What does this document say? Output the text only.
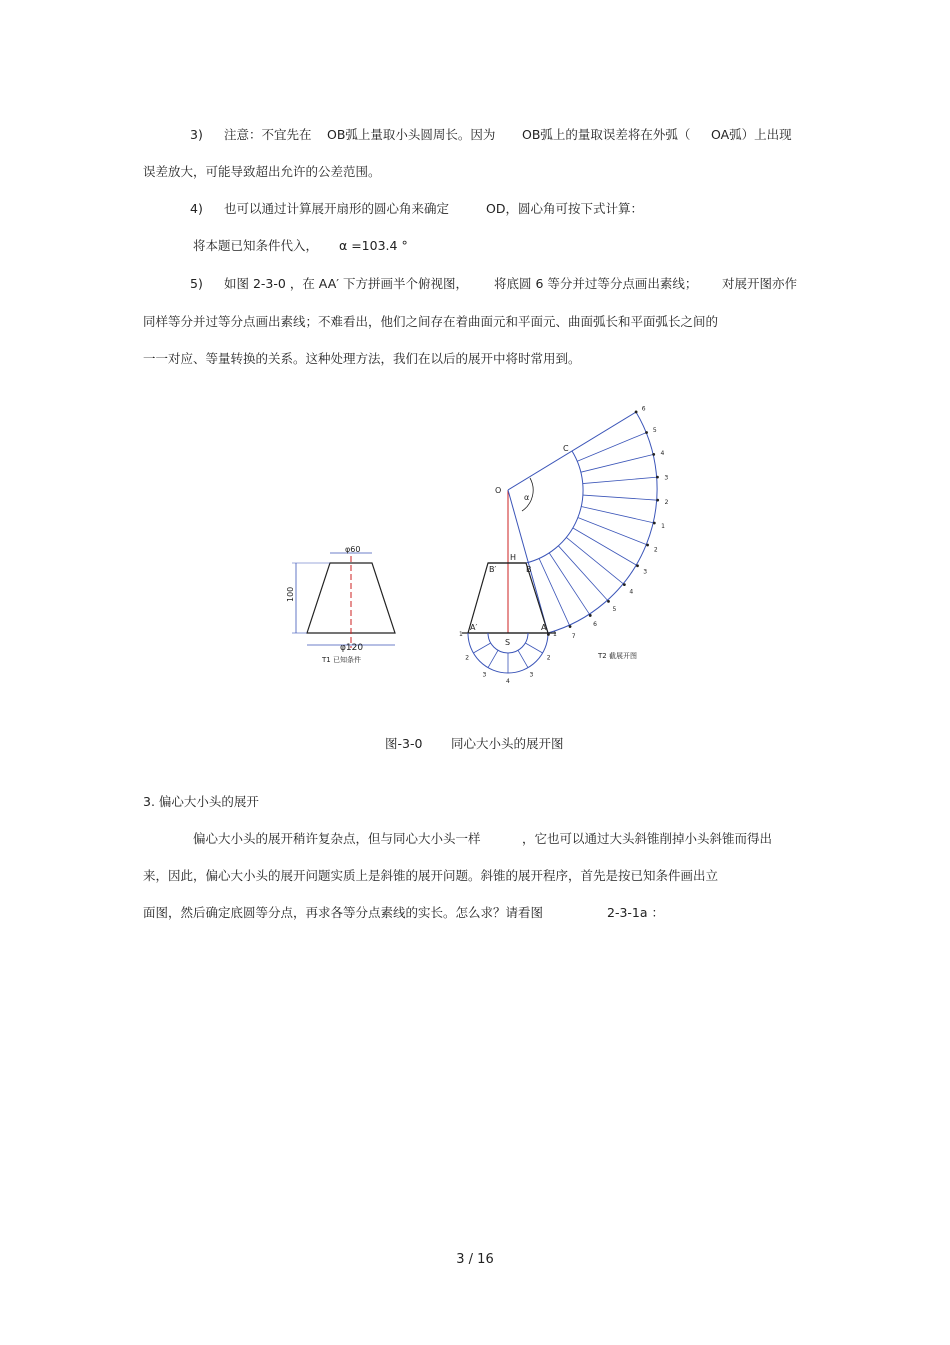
3) 注意：不宜先在 OB弧上量取小头圆周长。因为 OB弧上的量取误差将在外弧（ OA弧）上出现
误差放大，可能导致超出允许的公差范围。
4) 也可以通过计算展开扇形的圆心角来确定	OD，圆心角可按下式计算：
将本题已知条件代入， α =103.4 °
5) 如图 2-3-0 ，在 AA′ 下方拼画半个俯视图， 将底圆 6 等分并过等分点画出素线； 对展开图亦作
同样等分并过等分点画出素线；不难看出，他们之间存在着曲面元和平面元、曲面弧长和平面弧长之间的
一一对应、等量转换的关系。这种处理方法，我们在以后的展开中将时常用到。
φ60
φ120
100
T1 已知条件
6
5
4
3
2
1
2
3
4
5
6
7
1
2
3
4
3
2
1
O
C
H
B′	B
A′	A
S
α
T2 截展开图
图-3-0 同心大小头的展开图
3. 偏心大小头的展开
偏心大小头的展开稍许复杂点，但与同心大小头一样	，它也可以通过大头斜锥削掉小头斜锥而得出
来，因此，偏心大小头的展开问题实质上是斜锥的展开问题。斜锥的展开程序，首先是按已知条件画出立
面图，然后确定底圆等分点，再求各等分点素线的实长。怎么求？请看图	2-3-1a ：
3 / 16
